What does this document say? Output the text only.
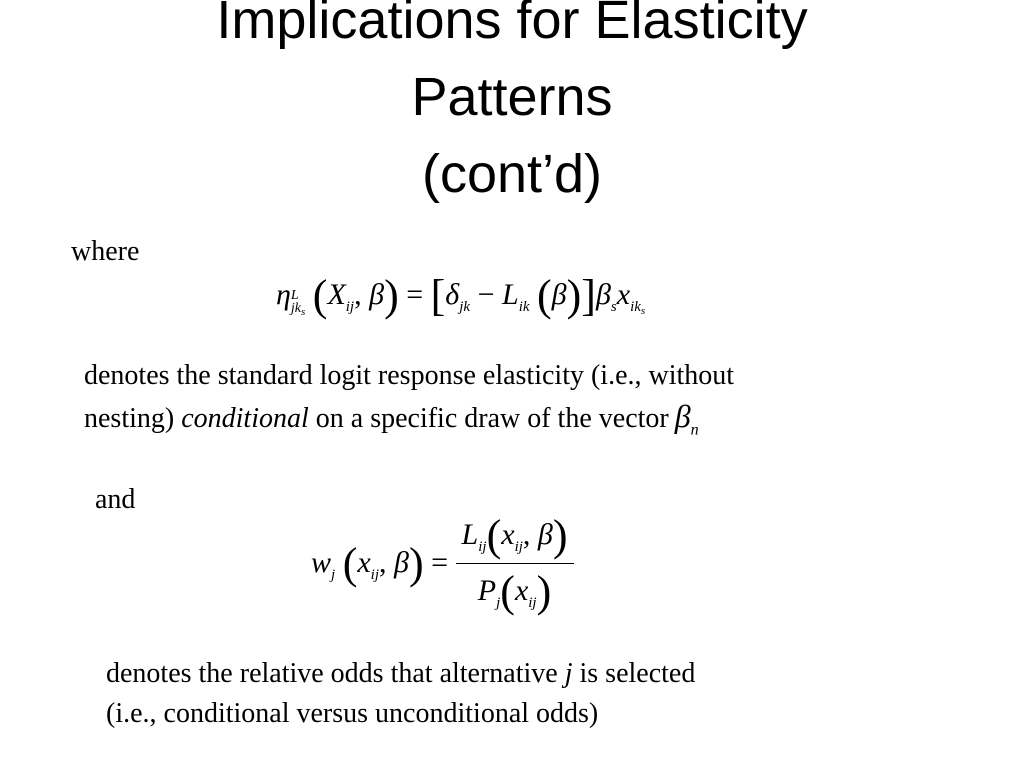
Implications for Elasticity
Patterns
(cont’d)
where
η L
$jk_s$ ($X_{ij}$, $\beta) = [\delta_{jk} - L_{ik}$ $(\beta)]\beta_sx_{ik_s}$
denotes the standard logit response elasticity (i.e., without
nesting) conditional on a specific draw of the vector $\beta_n$
and
$w_j$ ($x_{ij}$, $\beta) = \frac{L_{ij}(x_{ij}, \beta)}{P_j(x_{ij})}$
denotes the relative odds that alternative j is selected
(i.e., conditional versus unconditional odds)
